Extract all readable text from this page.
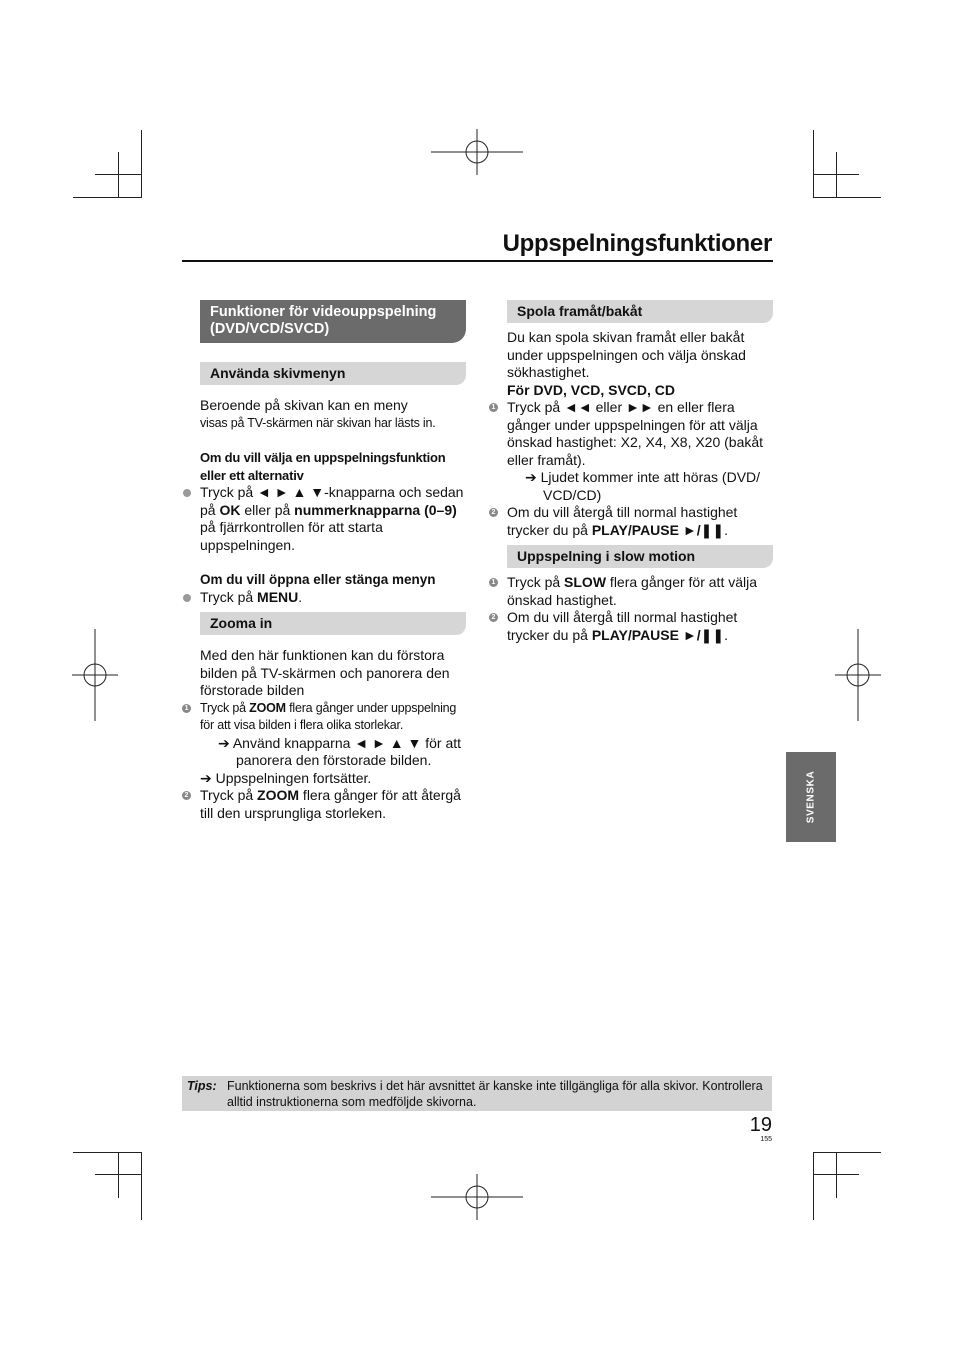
Uppspelningsfunktioner
Funktioner för videouppspelning (DVD/VCD/SVCD)
Använda skivmenyn

Beroende på skivan kan en meny

visas på TV-skärmen när skivan har lästs in.

Om du vill välja en uppspelningsfunktion eller ett alternativ

Tryck på ◄ ► ▲ ▼-knapparna och sedan på OK eller på nummerknapparna (0–9) på fjärrkontrollen för att starta uppspelningen.

Om du vill öppna eller stänga menyn

Tryck på MENU.
Zooma in

Med den här funktionen kan du förstora bilden på TV-skärmen och panorera den förstorade bilden

1 Tryck på ZOOM flera gånger under uppspelning för att visa bilden i flera olika storlekar.

➔ Använd knapparna ◄ ► ▲ ▼ för att panorera den förstorade bilden.

➔ Uppspelningen fortsätter.

2 Tryck på ZOOM flera gånger för att återgå till den ursprungliga storleken.
Spola framåt/bakåt

Du kan spola skivan framåt eller bakåt under uppspelningen och välja önskad sökhastighet.

För DVD, VCD, SVCD, CD

1 Tryck på ◄◄ eller ►► en eller flera gånger under uppspelningen för att välja önskad hastighet: X2, X4, X8, X20 (bakåt eller framåt).

➔ Ljudet kommer inte att höras (DVD/ VCD/CD)

2 Om du vill återgå till normal hastighet trycker du på PLAY/PAUSE ►/❚❚.
Uppspelning i slow motion
1 Tryck på SLOW flera gånger för att välja önskad hastighet.
2 Om du vill återgå till normal hastighet trycker du på PLAY/PAUSE ►/❚❚.
SVENSKA
Tips: Funktionerna som beskrivs i det här avsnittet är kanske inte tillgängliga för alla skivor. Kontrollera alltid instruktionerna som medföljde skivorna.
19
155
